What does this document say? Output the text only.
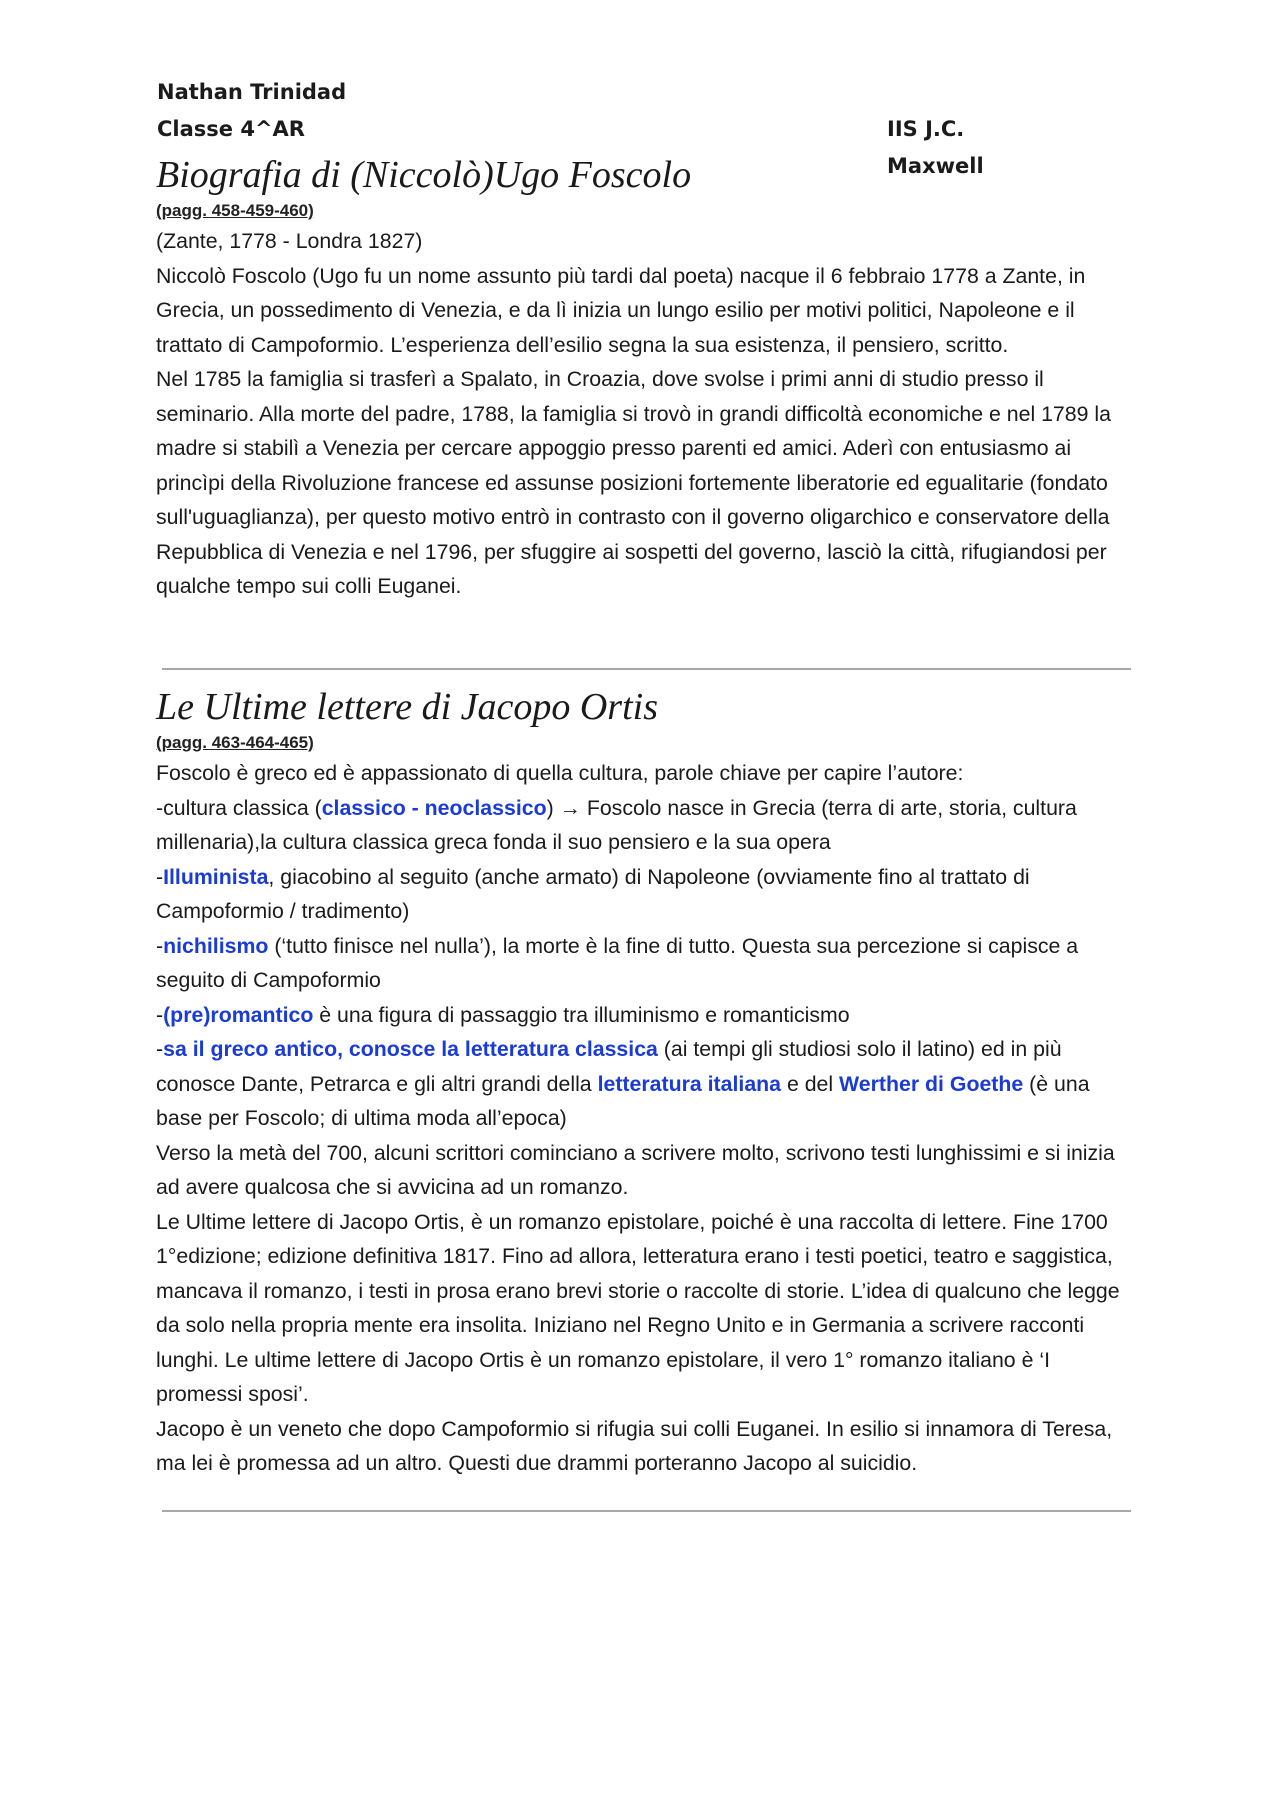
Nathan Trinidad
Classe 4^AR	IIS J.C. Maxwell
Biografia di (Niccolò)Ugo Foscolo
(pagg. 458-459-460)

(Zante, 1778 - Londra 1827)

Niccolò Foscolo (Ugo fu un nome assunto più tardi dal poeta) nacque il 6 febbraio 1778 a Zante, in Grecia, un possedimento di Venezia, e da lì inizia un lungo esilio per motivi politici, Napoleone e il trattato di Campoformio. L’esperienza dell’esilio segna la sua esistenza, il pensiero, scritto.

Nel 1785 la famiglia si trasferì a Spalato, in Croazia, dove svolse i primi anni di studio presso il seminario. Alla morte del padre, 1788, la famiglia si trovò in grandi difficoltà economiche e nel 1789 la madre si stabilì a Venezia per cercare appoggio presso parenti ed amici. Aderì con entusiasmo ai princìpi della Rivoluzione francese ed assunse posizioni fortemente liberatorie ed egualitarie (fondato sull'uguaglianza), per questo motivo entrò in contrasto con il governo oligarchico e conservatore della Repubblica di Venezia e nel 1796, per sfuggire ai sospetti del governo, lasciò la città, rifugiandosi per qualche tempo sui colli Euganei.

Le Ultime lettere di Jacopo Ortis
(pagg. 463-464-465)

Foscolo è greco ed è appassionato di quella cultura, parole chiave per capire l’autore:

-cultura classica (classico - neoclassico) → Foscolo nasce in Grecia (terra di arte, storia, cultura millenaria),la cultura classica greca fonda il suo pensiero e la sua opera

-Illuminista, giacobino al seguito (anche armato) di Napoleone (ovviamente fino al trattato di Campoformio / tradimento)

-nichilismo (‘tutto finisce nel nulla’), la morte è la fine di tutto. Questa sua percezione si capisce a seguito di Campoformio

-(pre)romantico è una figura di passaggio tra illuminismo e romanticismo

-sa il greco antico, conosce la letteratura classica (ai tempi gli studiosi solo il latino) ed in più conosce Dante, Petrarca e gli altri grandi della letteratura italiana e del Werther di Goethe (è una base per Foscolo; di ultima moda all’epoca)

Verso la metà del 700, alcuni scrittori cominciano a scrivere molto, scrivono testi lunghissimi e si inizia ad avere qualcosa che si avvicina ad un romanzo.

Le Ultime lettere di Jacopo Ortis, è un romanzo epistolare, poiché è una raccolta di lettere. Fine 1700 1°edizione; edizione definitiva 1817. Fino ad allora, letteratura erano i testi poetici, teatro e saggistica, mancava il romanzo, i testi in prosa erano brevi storie o raccolte di storie. L’idea di qualcuno che legge da solo nella propria mente era insolita. Iniziano nel Regno Unito e in Germania a scrivere racconti lunghi. Le ultime lettere di Jacopo Ortis è un romanzo epistolare, il vero 1° romanzo italiano è ‘I promessi sposi’.

Jacopo è un veneto che dopo Campoformio si rifugia sui colli Euganei. In esilio si innamora di Teresa, ma lei è promessa ad un altro. Questi due drammi porteranno Jacopo al suicidio.
